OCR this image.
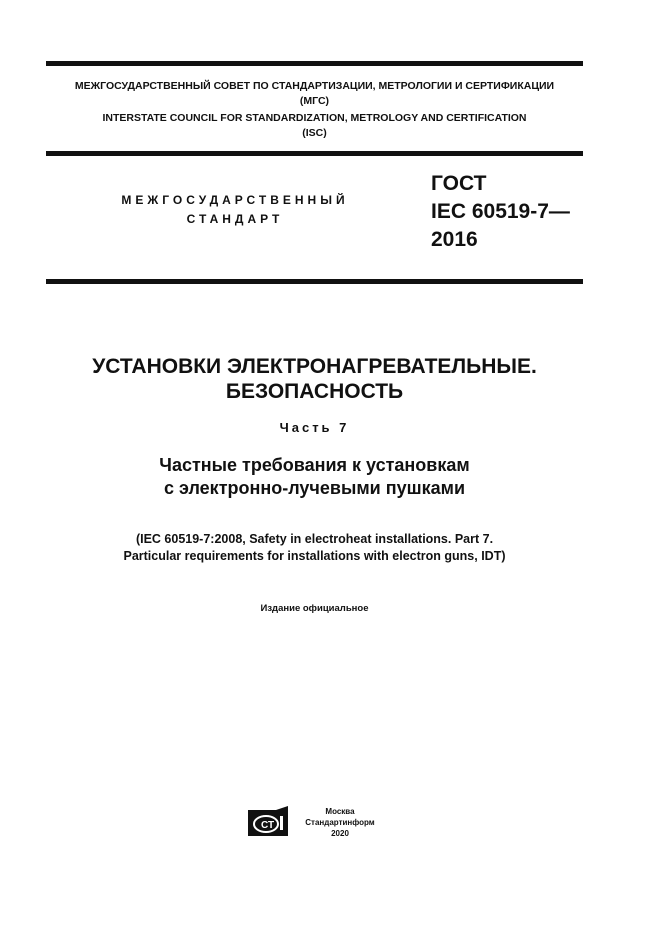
МЕЖГОСУДАРСТВЕННЫЙ СОВЕТ ПО СТАНДАРТИЗАЦИИ, МЕТРОЛОГИИ И СЕРТИФИКАЦИИ
(МГС)
INTERSTATE COUNCIL FOR STANDARDIZATION, METROLOGY AND CERTIFICATION
(ISC)
МЕЖГОСУДАРСТВЕННЫЙ
СТАНДАРТ
ГОСТ
IEC 60519-7—
2016
УСТАНОВКИ ЭЛЕКТРОНАГРЕВАТЕЛЬНЫЕ.
БЕЗОПАСНОСТЬ
Часть 7
Частные требования к установкам
с электронно-лучевыми пушками
(IEC 60519-7:2008, Safety in electroheat installations. Part 7.
Particular requirements for installations with electron guns, IDT)
Издание официальное
СТ
Москва
Стандартинформ
2020
